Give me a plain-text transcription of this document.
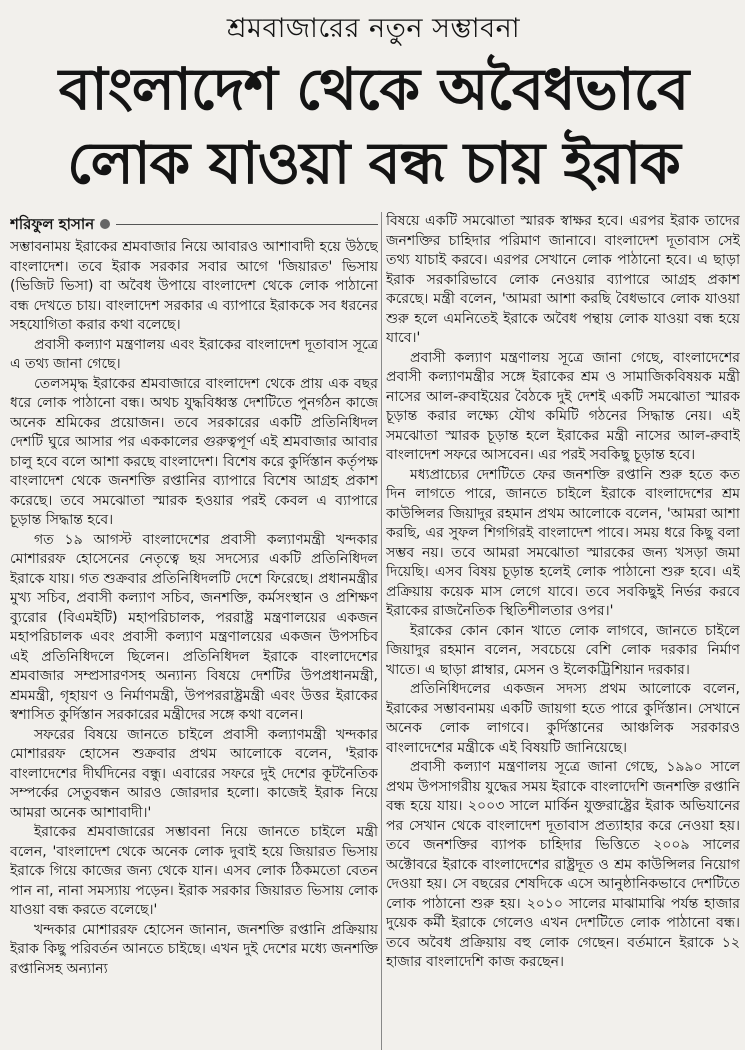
শ্রমবাজারের নতুন সম্ভাবনা
বাংলাদেশ থেকে অবৈধভাবে
লোক যাওয়া বন্ধ চায় ইরাক
শরিফুল হাসান

সম্ভাবনাময় ইরাকের শ্রমবাজার নিয়ে আবারও আশাবাদী হয়ে উঠছে বাংলাদেশ। তবে ইরাক সরকার সবার আগে 'জিয়ারত' ভিসায় (ভিজিট ভিসা) বা অবৈধ উপায়ে বাংলাদেশ থেকে লোক পাঠানো বন্ধ দেখতে চায়। বাংলাদেশ সরকার এ ব্যাপারে ইরাককে সব ধরনের সহযোগিতা করার কথা বলেছে।

প্রবাসী কল্যাণ মন্ত্রণালয় এবং ইরাকের বাংলাদেশ দূতাবাস সূত্রে এ তথ্য জানা গেছে।

তেলসমৃদ্ধ ইরাকের শ্রমবাজারে বাংলাদেশ থেকে প্রায় এক বছর ধরে লোক পাঠানো বন্ধ। অথচ যুদ্ধবিধ্বস্ত দেশটিতে পুনর্গঠন কাজে অনেক শ্রমিকের প্রয়োজন। তবে সরকারের একটি প্রতিনিধিদল দেশটি ঘুরে আসার পর এককালের গুরুত্বপূর্ণ এই শ্রমবাজার আবার চালু হবে বলে আশা করছে বাংলাদেশ। বিশেষ করে কুর্দিস্তান কর্তৃপক্ষ বাংলাদেশ থেকে জনশক্তি রপ্তানির ব্যাপারে বিশেষ আগ্রহ প্রকাশ করেছে। তবে সমঝোতা স্মারক হওয়ার পরই কেবল এ ব্যাপারে চূড়ান্ত সিদ্ধান্ত হবে।

গত ১৯ আগস্ট বাংলাদেশের প্রবাসী কল্যাণমন্ত্রী খন্দকার মোশাররফ হোসেনের নেতৃত্বে ছয় সদস্যের একটি প্রতিনিধিদল ইরাকে যায়। গত শুক্রবার প্রতিনিধিদলটি দেশে ফিরেছে। প্রধানমন্ত্রীর মুখ্য সচিব, প্রবাসী কল্যাণ সচিব, জনশক্তি, কর্মসংস্থান ও প্রশিক্ষণ ব্যুরোর (বিএমইটি) মহাপরিচালক, পররাষ্ট্র মন্ত্রণালয়ের একজন মহাপরিচালক এবং প্রবাসী কল্যাণ মন্ত্রণালয়ের একজন উপসচিব এই প্রতিনিধিদলে ছিলেন। প্রতিনিধিদল ইরাকে বাংলাদেশের শ্রমবাজার সম্প্রসারণসহ অন্যান্য বিষয়ে দেশটির উপপ্রধানমন্ত্রী, শ্রমমন্ত্রী, গৃহায়ণ ও নির্মাণমন্ত্রী, উপপররাষ্ট্রমন্ত্রী এবং উত্তর ইরাকের স্বশাসিত কুর্দিস্তান সরকারের মন্ত্রীদের সঙ্গে কথা বলেন।

সফরের বিষয়ে জানতে চাইলে প্রবাসী কল্যাণমন্ত্রী খন্দকার মোশাররফ হোসেন শুক্রবার প্রথম আলোকে বলেন, 'ইরাক বাংলাদেশের দীর্ঘদিনের বন্ধু। এবারের সফরে দুই দেশের কূটনৈতিক সম্পর্কের সেতুবন্ধন আরও জোরদার হলো। কাজেই ইরাক নিয়ে আমরা অনেক আশাবাদী।'

ইরাকের শ্রমবাজারের সম্ভাবনা নিয়ে জানতে চাইলে মন্ত্রী বলেন, 'বাংলাদেশ থেকে অনেক লোক দুবাই হয়ে জিয়ারত ভিসায় ইরাকে গিয়ে কাজের জন্য থেকে যান। এসব লোক ঠিকমতো বেতন পান না, নানা সমস্যায় পড়েন। ইরাক সরকার জিয়ারত ভিসায় লোক যাওয়া বন্ধ করতে বলেছে।'

খন্দকার মোশাররফ হোসেন জানান, জনশক্তি রপ্তানি প্রক্রিয়ায় ইরাক কিছু পরিবর্তন আনতে চাইছে। এখন দুই দেশের মধ্যে জনশক্তি রপ্তানিসহ অন্যান্য

বিষয়ে একটি সমঝোতা স্মারক স্বাক্ষর হবে। এরপর ইরাক তাদের জনশক্তির চাহিদার পরিমাণ জানাবে। বাংলাদেশ দূতাবাস সেই তথ্য যাচাই করবে। এরপর সেখানে লোক পাঠানো হবে। এ ছাড়া ইরাক সরকারিভাবে লোক নেওয়ার ব্যাপারে আগ্রহ প্রকাশ করেছে। মন্ত্রী বলেন, 'আমরা আশা করছি বৈধভাবে লোক যাওয়া শুরু হলে এমনিতেই ইরাকে অবৈধ পন্থায় লোক যাওয়া বন্ধ হয়ে যাবে।'

প্রবাসী কল্যাণ মন্ত্রণালয় সূত্রে জানা গেছে, বাংলাদেশের প্রবাসী কল্যাণমন্ত্রীর সঙ্গে ইরাকের শ্রম ও সামাজিকবিষয়ক মন্ত্রী নাসের আল-রুবাইয়ের বৈঠকে দুই দেশই একটি সমঝোতা স্মারক চূড়ান্ত করার লক্ষ্যে যৌথ কমিটি গঠনের সিদ্ধান্ত নেয়। এই সমঝোতা স্মারক চূড়ান্ত হলে ইরাকের মন্ত্রী নাসের আল-রুবাই বাংলাদেশ সফরে আসবেন। এর পরই সবকিছু চূড়ান্ত হবে।

মধ্যপ্রাচ্যের দেশটিতে ফের জনশক্তি রপ্তানি শুরু হতে কত দিন লাগতে পারে, জানতে চাইলে ইরাকে বাংলাদেশের শ্রম কাউন্সিলর জিয়াদুর রহমান প্রথম আলোকে বলেন, 'আমরা আশা করছি, এর সুফল শিগগিরই বাংলাদেশ পাবে। সময় ধরে কিছু বলা সম্ভব নয়। তবে আমরা সমঝোতা স্মারকের জন্য খসড়া জমা দিয়েছি। এসব বিষয় চূড়ান্ত হলেই লোক পাঠানো শুরু হবে। এই প্রক্রিয়ায় কয়েক মাস লেগে যাবে। তবে সবকিছুই নির্ভর করবে ইরাকের রাজনৈতিক স্থিতিশীলতার ওপর।'

ইরাকের কোন কোন খাতে লোক লাগবে, জানতে চাইলে জিয়াদুর রহমান বলেন, সবচেয়ে বেশি লোক দরকার নির্মাণ খাতে। এ ছাড়া প্লাম্বার, মেসন ও ইলেকট্রিশিয়ান দরকার।

প্রতিনিধিদলের একজন সদস্য প্রথম আলোকে বলেন, ইরাকের সম্ভাবনাময় একটি জায়গা হতে পারে কুর্দিস্তান। সেখানে অনেক লোক লাগবে। কুর্দিস্তানের আঞ্চলিক সরকারও বাংলাদেশের মন্ত্রীকে এই বিষয়টি জানিয়েছে।

প্রবাসী কল্যাণ মন্ত্রণালয় সূত্রে জানা গেছে, ১৯৯০ সালে প্রথম উপসাগরীয় যুদ্ধের সময় ইরাকে বাংলাদেশি জনশক্তি রপ্তানি বন্ধ হয়ে যায়। ২০০৩ সালে মার্কিন যুক্তরাষ্ট্রের ইরাক অভিযানের পর সেখান থেকে বাংলাদেশ দূতাবাস প্রত্যাহার করে নেওয়া হয়। তবে জনশক্তির ব্যাপক চাহিদার ভিত্তিতে ২০০৯ সালের অক্টোবরে ইরাকে বাংলাদেশের রাষ্ট্রদূত ও শ্রম কাউন্সিলর নিয়োগ দেওয়া হয়। সে বছরের শেষদিকে এসে আনুষ্ঠানিকভাবে দেশটিতে লোক পাঠানো শুরু হয়। ২০১০ সালের মাঝামাঝি পর্যন্ত হাজার দুয়েক কর্মী ইরাকে গেলেও এখন দেশটিতে লোক পাঠানো বন্ধ। তবে অবৈধ প্রক্রিয়ায় বহু লোক গেছেন। বর্তমানে ইরাকে ১২ হাজার বাংলাদেশি কাজ করছেন।
